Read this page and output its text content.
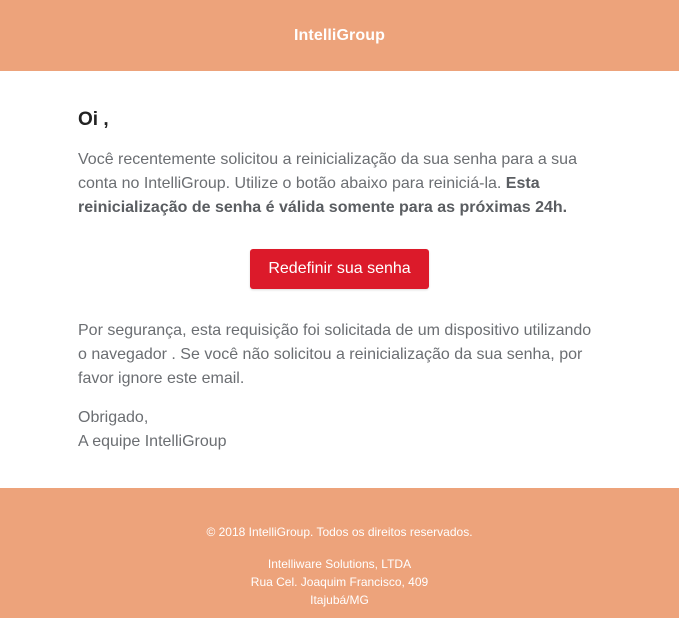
IntelliGroup

Oi ,

Você recentemente solicitou a reinicialização da sua senha para a sua conta no IntelliGroup. Utilize o botão abaixo para reiniciá-la. Esta reinicialização de senha é válida somente para as próximas 24h.

Redefinir sua senha

Por segurança, esta requisição foi solicitada de um dispositivo utilizando o navegador . Se você não solicitou a reinicialização da sua senha, por favor ignore este email.

Obrigado,
A equipe IntelliGroup

© 2018 IntelliGroup. Todos os direitos reservados.
Intelliware Solutions, LTDA
Rua Cel. Joaquim Francisco, 409
Itajubá/MG
